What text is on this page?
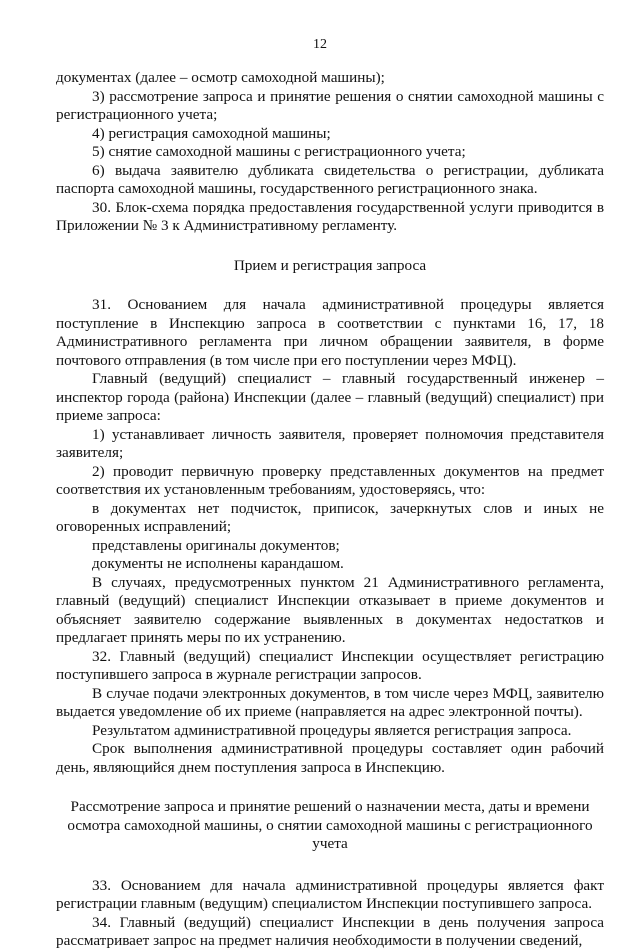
12

документах (далее – осмотр самоходной машины);

3) рассмотрение запроса и принятие решения о снятии самоходной машины с регистрационного учета;

4) регистрация самоходной машины;

5) снятие самоходной машины с регистрационного учета;

6) выдача заявителю дубликата свидетельства о регистрации, дубликата паспорта самоходной машины, государственного регистрационного знака.

30. Блок-схема порядка предоставления государственной услуги приводится в Приложении № 3 к Административному регламенту.

Прием и регистрация запроса

31. Основанием для начала административной процедуры является поступление в Инспекцию запроса в соответствии с пунктами 16, 17, 18 Административного регламента при личном обращении заявителя, в форме почтового отправления (в том числе при его поступлении через МФЦ).

Главный (ведущий) специалист – главный государственный инженер – инспектор города (района) Инспекции (далее – главный (ведущий) специалист) при приеме запроса:

1) устанавливает личность заявителя, проверяет полномочия представителя заявителя;

2) проводит первичную проверку представленных документов на предмет соответствия их установленным требованиям, удостоверяясь, что:

в документах нет подчисток, приписок, зачеркнутых слов и иных не оговоренных исправлений;

представлены оригиналы документов;

документы не исполнены карандашом.

В случаях, предусмотренных пунктом 21 Административного регламента, главный (ведущий) специалист Инспекции отказывает в приеме документов и объясняет заявителю содержание выявленных в документах недостатков и предлагает принять меры по их устранению.

32. Главный (ведущий) специалист Инспекции осуществляет регистрацию поступившего запроса в журнале регистрации запросов.

В случае подачи электронных документов, в том числе через МФЦ, заявителю выдается уведомление об их приеме (направляется на адрес электронной почты).

Результатом административной процедуры является регистрация запроса.

Срок выполнения административной процедуры составляет один рабочий день, являющийся днем поступления запроса в Инспекцию.

Рассмотрение запроса и принятие решений о назначении места, даты и времени осмотра самоходной машины, о снятии самоходной машины с регистрационного учета

33. Основанием для начала административной процедуры является факт регистрации главным (ведущим) специалистом Инспекции поступившего запроса.

34. Главный (ведущий) специалист Инспекции в день получения запроса рассматривает запрос на предмет наличия необходимости в получении сведений,
